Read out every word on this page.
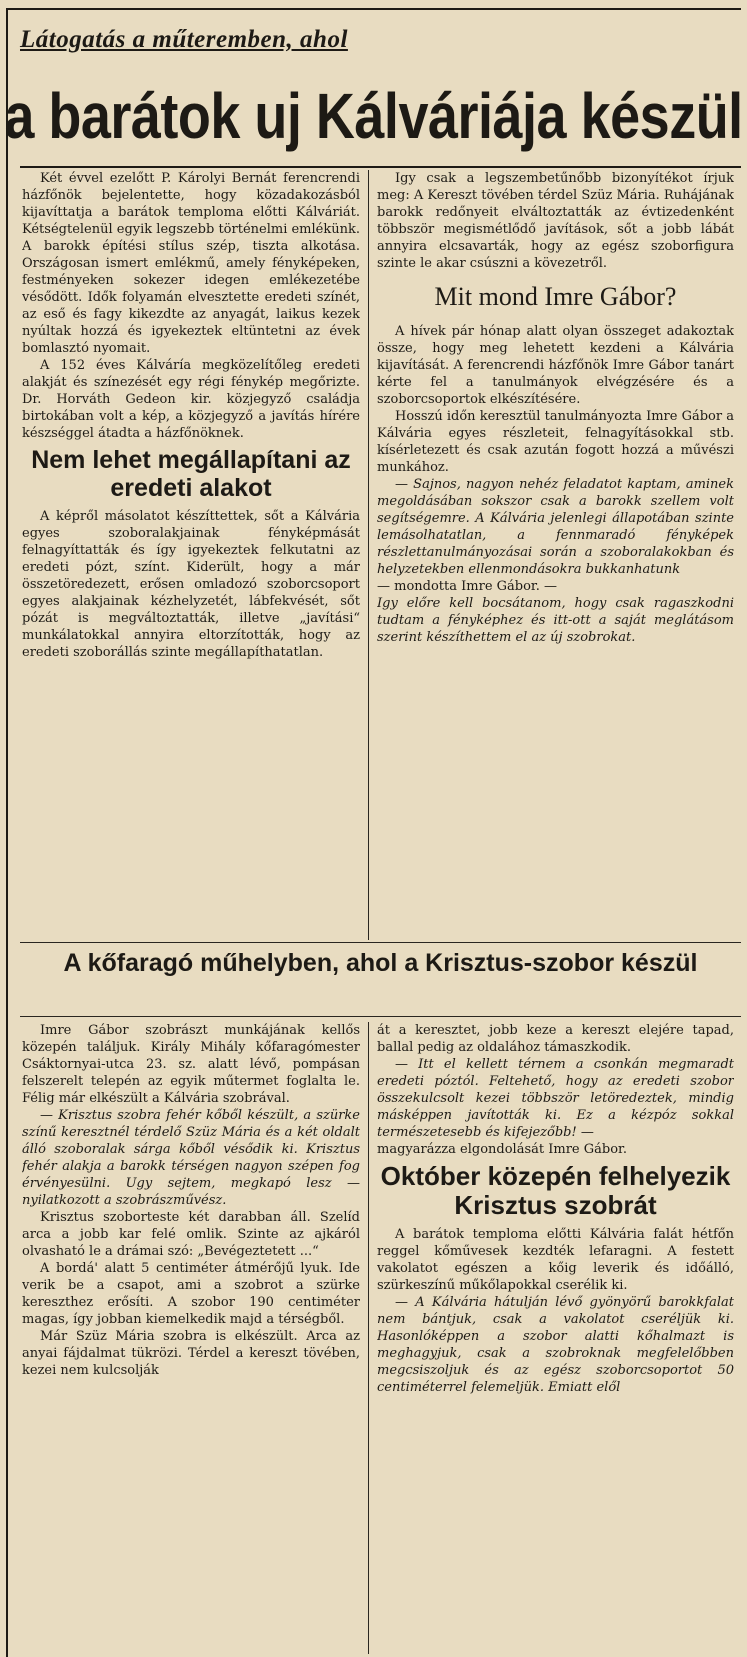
Látogatás a műteremben, ahol
a barátok uj Kálváriája készül

Két évvel ezelőtt P. Károlyi Bernát ferencrendi házfőnök bejelentette, hogy közadakozásból kijavíttatja a barátok temploma előtti Kálváriát. Kétségtelenül egyik legszebb történelmi emlékünk. A barokk építési stílus szép, tiszta alkotása. Országosan ismert emlékmű, amely fényképeken, festményeken sokezer idegen emlékezetébe vésődött. Idők folyamán elvesztette eredeti színét, az eső és fagy kikezdte az anyagát, laikus kezek nyúltak hozzá és igyekeztek eltüntetni az évek bomlasztó nyomait.

A 152 éves Kálváría megközelítőleg eredeti alakját és színezését egy régi fénykép megőrizte. Dr. Horváth Gedeon kir. közjegyző családja birtokában volt a kép, a közjegyző a javítás hírére készséggel átadta a házfőnöknek.

Nem lehet megállapítani az eredeti alakot

A képről másolatot készíttettek, sőt a Kálvária egyes szoboralakjainak fényképmását felnagyíttatták és így igyekeztek felkutatni az eredeti pózt, színt. Kiderült, hogy a már összetöredezett, erősen omladozó szoborcsoport egyes alakjainak kézhelyzetét, lábfekvését, sőt pózát is megváltoztatták, illetve „javítási“ munkálatokkal annyira eltorzították, hogy az eredeti szoborállás szinte megállapíthatatlan.

Igy csak a legszembetűnőbb bizonyítékot írjuk meg: A Kereszt tövében térdel Szüz Mária. Ruhájának barokk redőnyeit elváltoztatták az évtizedenként többször megismétlődő javítások, sőt a jobb lábát annyira elcsavarták, hogy az egész szoborfigura szinte le akar csúszni a kövezetről.

Mit mond Imre Gábor?

A hívek pár hónap alatt olyan összeget adakoztak össze, hogy meg lehetett kezdeni a Kálvária kijavítását. A ferencrendi házfőnök Imre Gábor tanárt kérte fel a tanulmányok elvégzésére és a szoborcsoportok elkészítésére.

Hosszú időn keresztül tanulmányozta Imre Gábor a Kálvária egyes részleteit, felnagyításokkal stb. kísérletezett és csak azután fogott hozzá a művészi munkához.

— Sajnos, nagyon nehéz feladatot kaptam, aminek megoldásában sokszor csak a barokk szellem volt segítségemre. A Kálvária jelenlegi állapotában szinte lemásolhatatlan, a fennmaradó fényképek részlettanulmányozásai során a szoboralakokban és helyzetekben ellenmondásokra bukkanhatunk

— mondotta Imre Gábor. —

Igy előre kell bocsátanom, hogy csak ragaszkodni tudtam a fényképhez és itt-ott a saját meglátásom szerint készíthettem el az új szobrokat.

A kőfaragó műhelyben, ahol a Krisztus-szobor készül

Imre Gábor szobrászt munkájának kellős közepén találjuk. Király Mihály kőfaragómester Csáktornyai-utca 23. sz. alatt lévő, pompásan felszerelt telepén az egyik műtermet foglalta le. Félig már elkészült a Kálvária szobrával.

— Krisztus szobra fehér kőből készült, a szürke színű keresztnél térdelő Szüz Mária és a két oldalt álló szoboralak sárga kőből vésődik ki. Krisztus fehér alakja a barokk térségen nagyon szépen fog érvényesülni. Ugy sejtem, megkapó lesz — nyilatkozott a szobrászművész.

Krisztus szoborteste két darabban áll. Szelíd arca a jobb kar felé omlik. Szinte az ajkáról olvasható le a drámai szó: „Bevégeztetett ...“

A bordá' alatt 5 centiméter átmérőjű lyuk. Ide verik be a csapot, ami a szobrot a szürke kereszthez erősíti. A szobor 190 centiméter magas, így jobban kiemelkedik majd a térségből.

Már Szüz Mária szobra is elkészült. Arca az anyai fájdalmat tükrözi. Térdel a kereszt tövében, kezei nem kulcsolják

át a keresztet, jobb keze a kereszt elejére tapad, ballal pedig az oldalához támaszkodik.

— Itt el kellett térnem a csonkán megmaradt eredeti póztól. Feltehető, hogy az eredeti szobor összekulcsolt kezei többször letöredeztek, mindig másképpen javították ki. Ez a kézpóz sokkal természetesebb és kifejezőbb! —

magyarázza elgondolását Imre Gábor.

Október közepén felhelyezik Krisztus szobrát

A barátok temploma előtti Kálvária falát hétfőn reggel kőművesek kezdték lefaragni. A festett vakolatot egészen a kőig leverik és időálló, szürkeszínű műkőlapokkal cserélik ki.

— A Kálvária hátulján lévő gyönyörű barokkfalat nem bántjuk, csak a vakolatot cseréljük ki. Hasonlóképpen a szobor alatti kőhalmazt is meghagyjuk, csak a szobroknak megfelelőbben megcsiszoljuk és az egész szoborcsoportot 50 centiméterrel felemeljük. Emiatt elől
